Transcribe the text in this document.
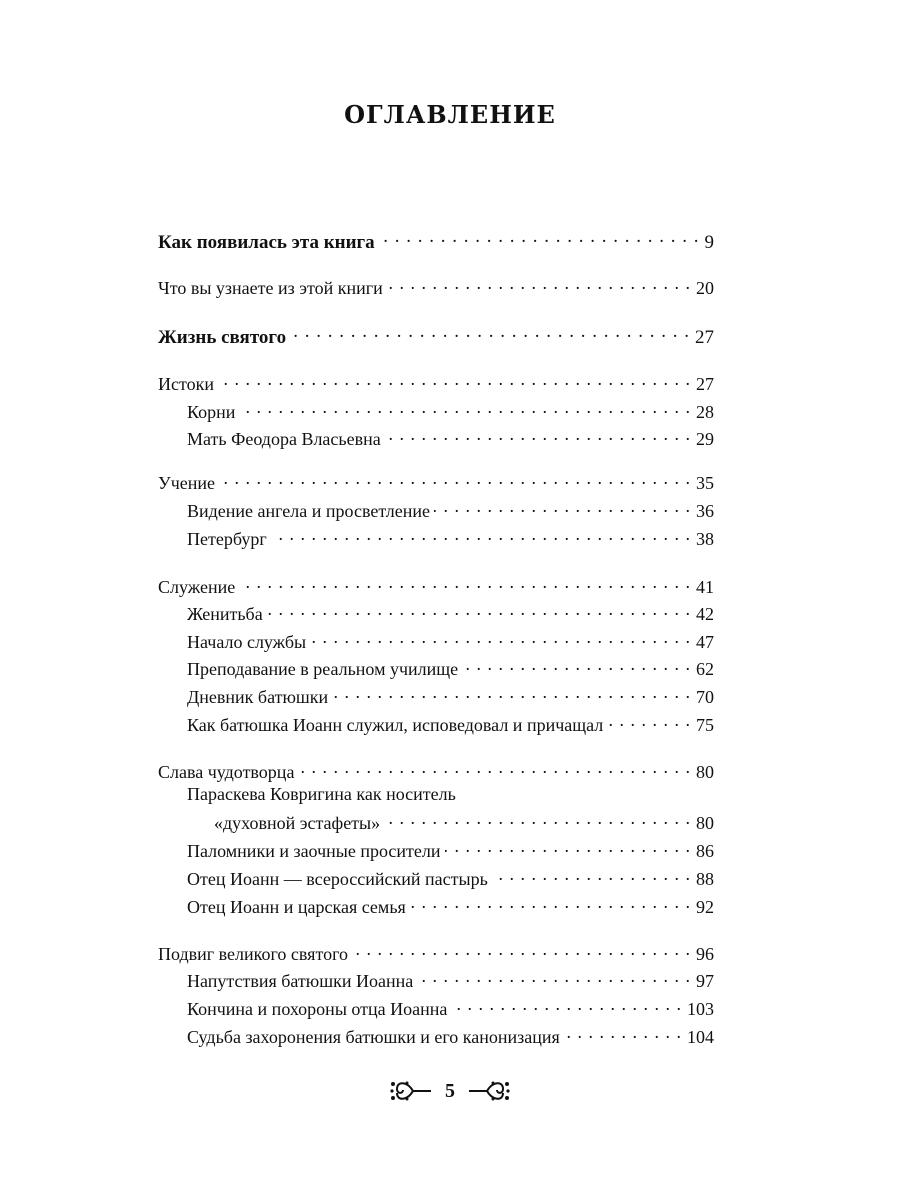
ОГЛАВЛЕНИЕ
Как появилась эта книга . . .	9
Что вы узнаете из этой книги . . .	20
Жизнь святого . . .	27
Истоки . . .	27
Корни . . .	28
Мать Феодора Власьевна . . .	29
Учение . . .	35
Видение ангела и просветление . . .	36
Петербург . . .	38
Служение . . .	41
Женитьба . . .	42
Начало службы . . .	47
Преподавание в реальном училище . . .	62
Дневник батюшки . . .	70
Как батюшка Иоанн служил, исповедовал и причащал . . .	75
Слава чудотворца . . .	80
Параскева Ковригина как носитель
«духовной эстафеты» . . .	80
Паломники и заочные просители . . .	86
Отец Иоанн — всероссийский пастырь . . .	88
Отец Иоанн и царская семья . . .	92
Подвиг великого святого . . .	96
Напутствия батюшки Иоанна . . .	97
Кончина и похороны отца Иоанна . . .	103
Судьба захоронения батюшки и его канонизация . . .	104
5
